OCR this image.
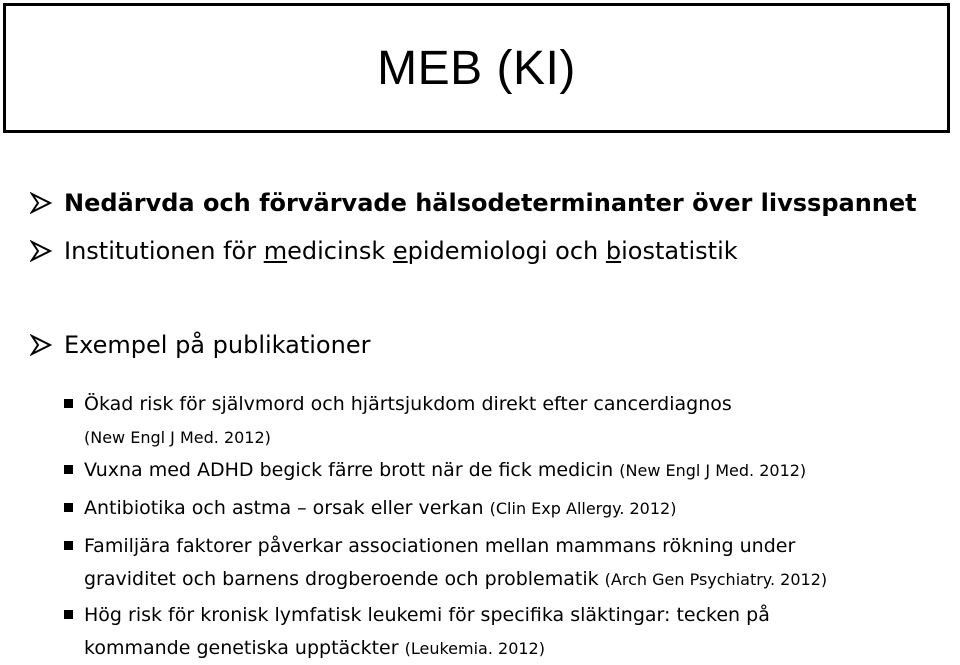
MEB (KI)
Nedärvda och förvärvade hälsodeterminanter över livsspannet
Institutionen för medicinsk epidemiologi och biostatistik
Exempel på publikationer
Ökad risk för självmord och hjärtsjukdom direkt efter cancerdiagnos
(New Engl J Med. 2012)
Vuxna med ADHD begick färre brott när de fick medicin (New Engl J Med. 2012)
Antibiotika och astma – orsak eller verkan (Clin Exp Allergy. 2012)
Familjära faktorer påverkar associationen mellan mammans rökning under
graviditet och barnens drogberoende och problematik (Arch Gen Psychiatry. 2012)
Hög risk för kronisk lymfatisk leukemi för specifika släktingar: tecken på
kommande genetiska upptäckter (Leukemia. 2012)
